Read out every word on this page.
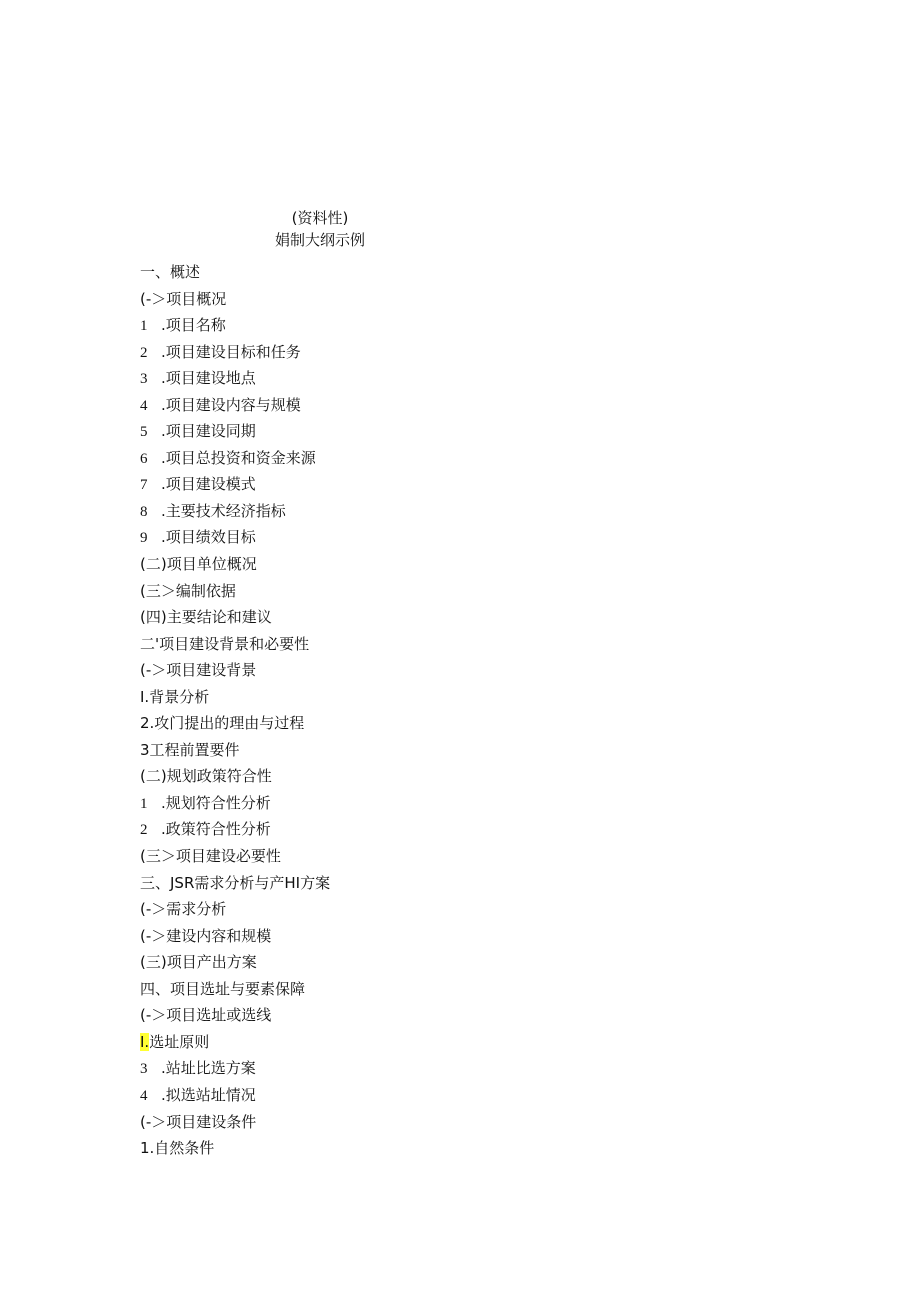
(资料性)
娟制大纲示例
一、概述
(-＞项目概况
1 .项目名称
2 .项目建设目标和任务
3 .项目建设地点
4 .项目建设内容与规模
5 .项目建设同期
6 .项目总投资和资金来源
7 .项目建设模式
8 .主要技术经济指标
9 .项目绩效目标
(二)项目单位概况
(三＞编制依据
(四)主要结论和建议
二'项目建设背景和必要性
(-＞项目建设背景
I.背景分析
2.攻门提出的理由与过程
3工程前置要件
(二)规划政策符合性
1 .规划符合性分析
2 .政策符合性分析
(三＞项目建设必要性
三、JSR需求分析与产HI方案
(-＞需求分析
(-＞建设内容和规模
(三)项目产出方案
四、项目选址与要素保障
(-＞项目选址或选线
I.选址原则
3 .站址比选方案
4 .拟选站址情况
(-＞项目建设条件
1.自然条件
